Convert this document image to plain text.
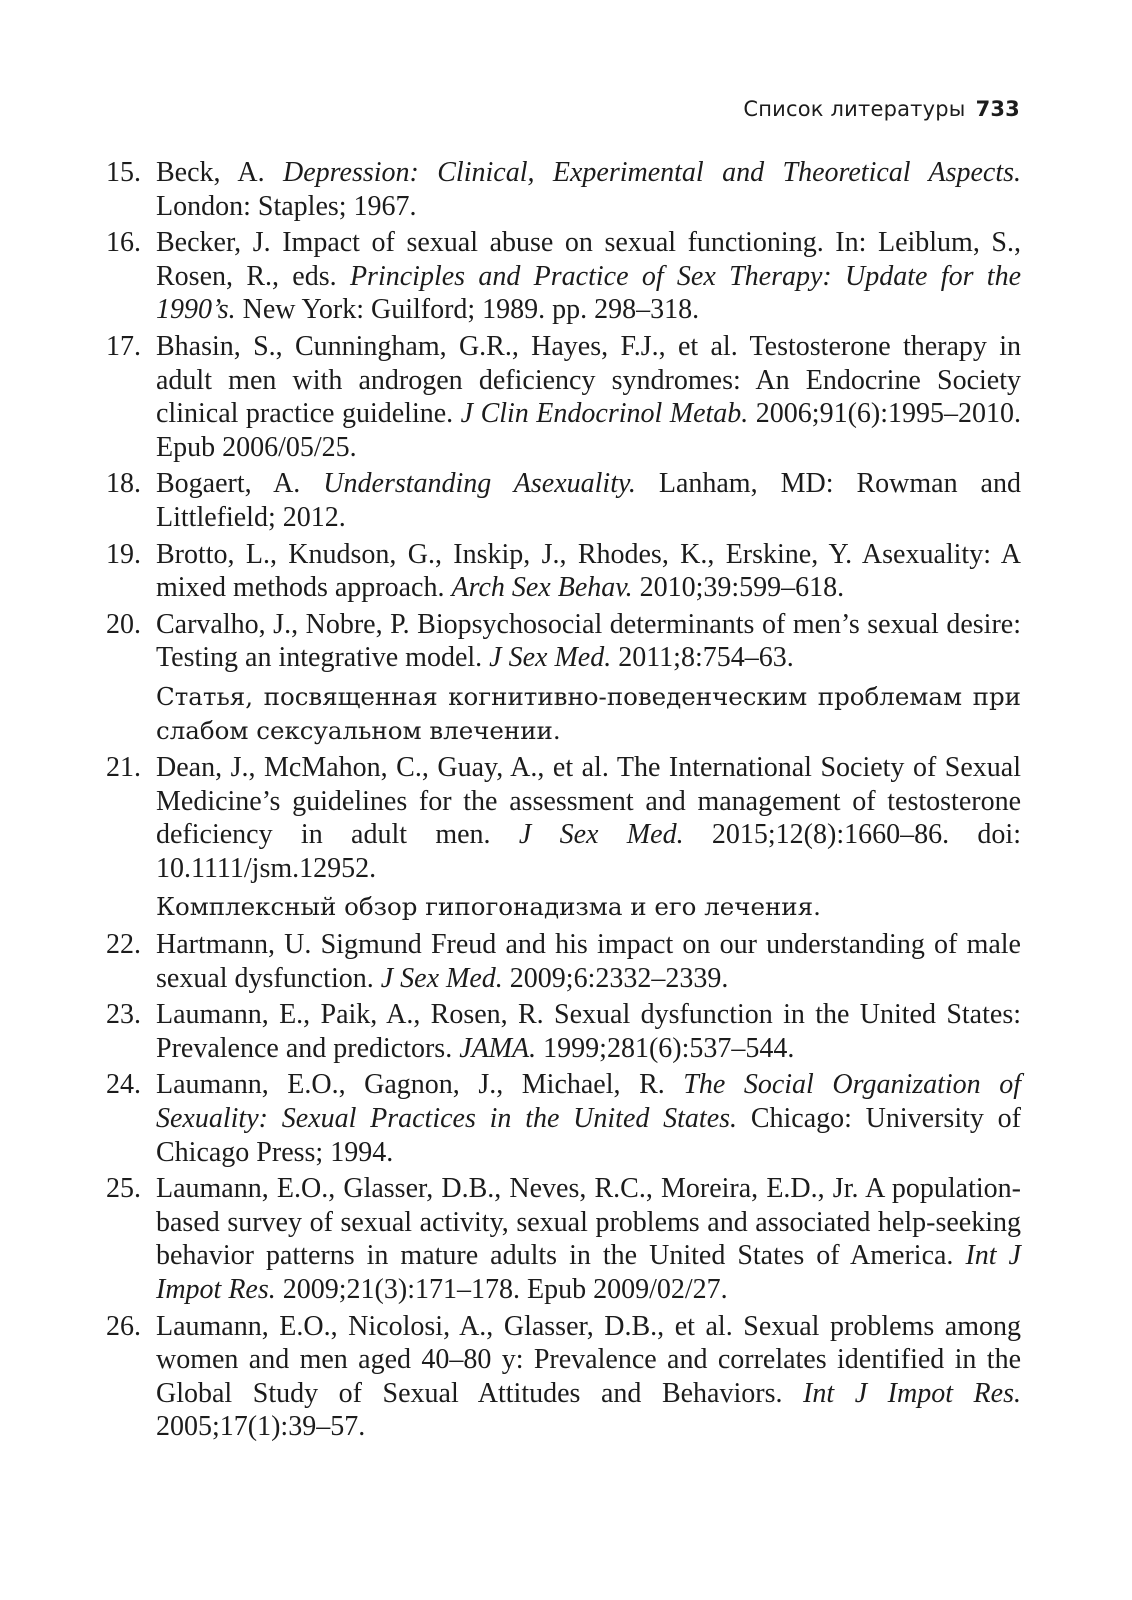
Список литературы 733
15. Beck, A. Depression: Clinical, Experimental and Theoretical Aspects. London: Staples; 1967.
16. Becker, J. Impact of sexual abuse on sexual functioning. In: Leiblum, S., Rosen, R., eds. Principles and Practice of Sex Therapy: Update for the 1990’s. New York: Guilford; 1989. pp. 298–318.
17. Bhasin, S., Cunningham, G.R., Hayes, F.J., et al. Testosterone therapy in adult men with androgen deficiency syndromes: An Endocrine Society clinical practice guideline. J Clin Endocrinol Metab. 2006;91(6):1995–2010. Epub 2006/05/25.
18. Bogaert, A. Understanding Asexuality. Lanham, MD: Rowman and Littlefield; 2012.
19. Brotto, L., Knudson, G., Inskip, J., Rhodes, K., Erskine, Y. Asexuality: A mixed methods approach. Arch Sex Behav. 2010;39:599–618.
20. Carvalho, J., Nobre, P. Biopsychosocial determinants of men’s sexual desire: Testing an integrative model. J Sex Med. 2011;8:754–63.
Статья, посвященная когнитивно-поведенческим проблемам при слабом сексуальном влечении.
21. Dean, J., McMahon, C., Guay, A., et al. The International Society of Sexual Medicine’s guidelines for the assessment and management of testosterone deficiency in adult men. J Sex Med. 2015;12(8):1660–86. doi: 10.1111/jsm.12952.
Комплексный обзор гипогонадизма и его лечения.
22. Hartmann, U. Sigmund Freud and his impact on our understanding of male sexual dysfunction. J Sex Med. 2009;6:2332–2339.
23. Laumann, E., Paik, A., Rosen, R. Sexual dysfunction in the United States: Prevalence and predictors. JAMA. 1999;281(6):537–544.
24. Laumann, E.O., Gagnon, J., Michael, R. The Social Organization of Sexuality: Sexual Practices in the United States. Chicago: University of Chicago Press; 1994.
25. Laumann, E.O., Glasser, D.B., Neves, R.C., Moreira, E.D., Jr. A population-based survey of sexual activity, sexual problems and associated help-seeking behavior patterns in mature adults in the United States of America. Int J Impot Res. 2009;21(3):171–178. Epub 2009/02/27.
26. Laumann, E.O., Nicolosi, A., Glasser, D.B., et al. Sexual problems among women and men aged 40–80 y: Prevalence and correlates identified in the Global Study of Sexual Attitudes and Behaviors. Int J Impot Res. 2005;17(1):39–57.
